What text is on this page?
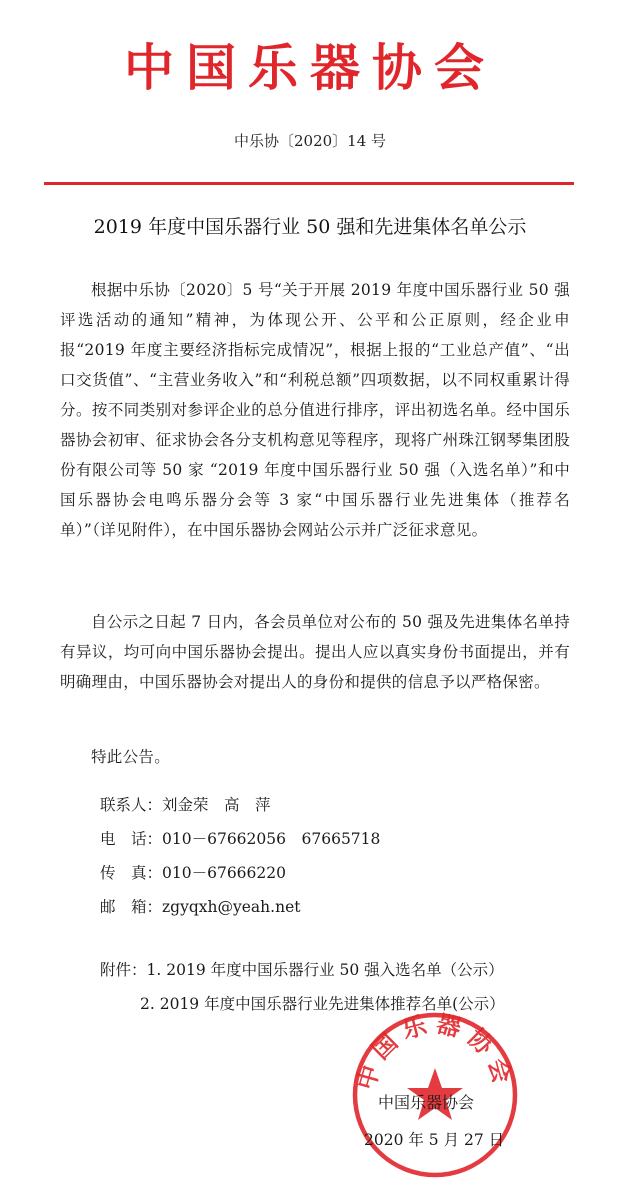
中国乐器协会
中乐协〔2020〕14 号
2019 年度中国乐器行业 50 强和先进集体名单公示

根据中乐协〔2020〕5 号“关于开展 2019 年度中国乐器行业 50 强评选活动的通知”精神，为体现公开、公平和公正原则，经企业申报“2019 年度主要经济指标完成情况”，根据上报的“工业总产值”、“出口交货值”、“主营业务收入”和“利税总额”四项数据，以不同权重累计得分。按不同类别对参评企业的总分值进行排序，评出初选名单。经中国乐器协会初审、征求协会各分支机构意见等程序，现将广州珠江钢琴集团股份有限公司等 50 家 “2019 年度中国乐器行业 50 强（入选名单）”和中国乐器协会电鸣乐器分会等 3 家“中国乐器行业先进集体（推荐名单）”（详见附件），在中国乐器协会网站公示并广泛征求意见。

自公示之日起 7 日内，各会员单位对公布的 50 强及先进集体名单持有异议，均可向中国乐器协会提出。提出人应以真实身份书面提出，并有明确理由，中国乐器协会对提出人的身份和提供的信息予以严格保密。

特此公告。

联系人：刘金荣　高　萍
电　话：010－67662056　67665718
传　真：010－67666220
邮　箱：zgyqxh@yeah.net
附件：1. 2019 年度中国乐器行业 50 强入选名单（公示）
2. 2019 年度中国乐器行业先进集体推荐名单(公示）
中国乐器协会
中国乐器协会
2020 年 5 月 27 日
